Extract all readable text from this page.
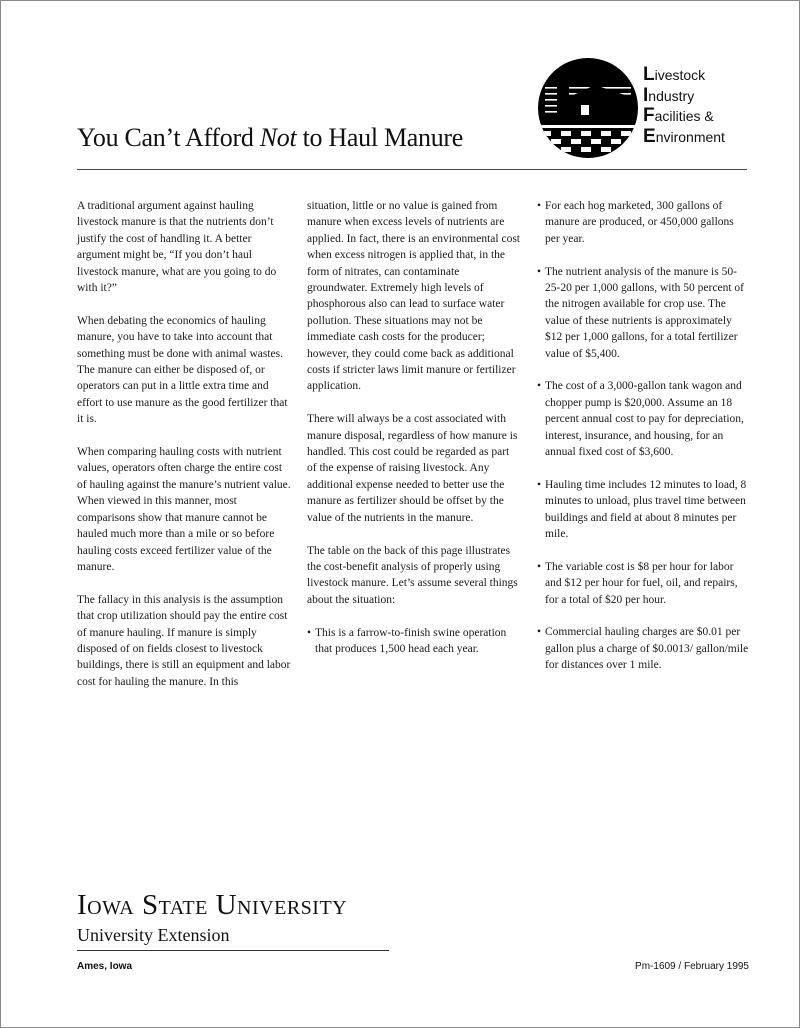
You Can’t Afford Not to Haul Manure
Livestock
Industry
Facilities &
Environment

A traditional argument against hauling livestock manure is that the nutrients don’t justify the cost of handling it. A better argument might be, “If you don’t haul livestock manure, what are you going to do with it?”

When debating the economics of hauling manure, you have to take into account that something must be done with animal wastes. The manure can either be disposed of, or operators can put in a little extra time and effort to use manure as the good fertilizer that it is.

When comparing hauling costs with nutrient values, operators often charge the entire cost of hauling against the manure’s nutrient value. When viewed in this manner, most comparisons show that manure cannot be hauled much more than a mile or so before hauling costs exceed fertilizer value of the manure.

The fallacy in this analysis is the assumption that crop utilization should pay the entire cost of manure hauling. If manure is simply disposed of on fields closest to livestock buildings, there is still an equipment and labor cost for hauling the manure. In this

situation, little or no value is gained from manure when excess levels of nutrients are applied. In fact, there is an environmental cost when excess nitrogen is applied that, in the form of nitrates, can contaminate groundwater. Extremely high levels of phosphorous also can lead to surface water pollution. These situations may not be immediate cash costs for the producer; however, they could come back as additional costs if stricter laws limit manure or fertilizer application.

There will always be a cost associated with manure disposal, regardless of how manure is handled. This cost could be regarded as part of the expense of raising livestock. Any additional expense needed to better use the manure as fertilizer should be offset by the value of the nutrients in the manure.

The table on the back of this page illustrates the cost-benefit analysis of properly using livestock manure. Let’s assume several things about the situation:

• This is a farrow-to-finish swine operation that produces 1,500 head each year.

• For each hog marketed, 300 gallons of manure are produced, or 450,000 gallons per year.

• The nutrient analysis of the manure is 50-25-20 per 1,000 gallons, with 50 percent of the nitrogen available for crop use. The value of these nutrients is approximately $12 per 1,000 gallons, for a total fertilizer value of $5,400.

• The cost of a 3,000-gallon tank wagon and chopper pump is $20,000. Assume an 18 percent annual cost to pay for depreciation, interest, insurance, and housing, for an annual fixed cost of $3,600.

• Hauling time includes 12 minutes to load, 8 minutes to unload, plus travel time between buildings and field at about 8 minutes per mile.

• The variable cost is $8 per hour for labor and $12 per hour for fuel, oil, and repairs, for a total of $20 per hour.

• Commercial hauling charges are $0.01 per gallon plus a charge of $0.0013/ gallon/mile for distances over 1 mile.

Iowa State University
University Extension
Ames, Iowa	Pm-1609 / February 1995
